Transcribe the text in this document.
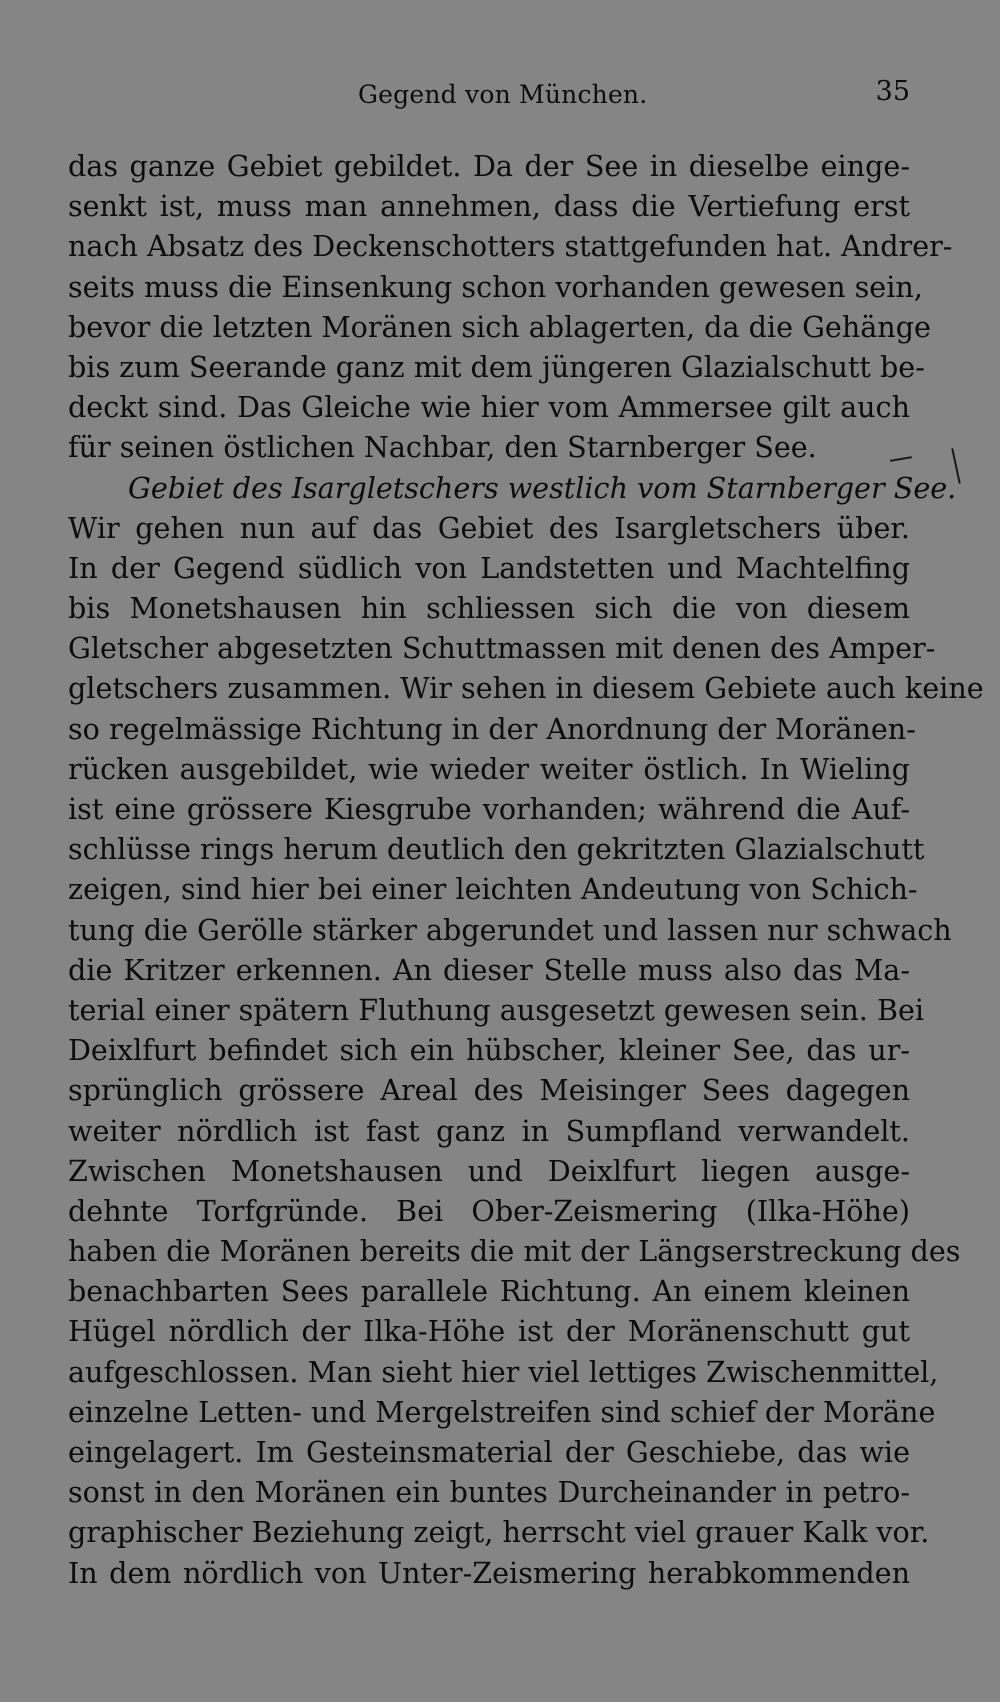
Gegend von München.	35
das ganze Gebiet gebildet. Da der See in dieselbe einge-
senkt ist, muss man annehmen, dass die Vertiefung erst
nach Absatz des Deckenschotters stattgefunden hat. Andrer-
seits muss die Einsenkung schon vorhanden gewesen sein,
bevor die letzten Moränen sich ablagerten, da die Gehänge
bis zum Seerande ganz mit dem jüngeren Glazialschutt be-
deckt sind. Das Gleiche wie hier vom Ammersee gilt auch
für seinen östlichen Nachbar, den Starnberger See.
Gebiet des Isargletschers westlich vom Starnberger See.
Wir gehen nun auf das Gebiet des Isargletschers über.
In der Gegend südlich von Landstetten und Machtelfing
bis Monetshausen hin schliessen sich die von diesem
Gletscher abgesetzten Schuttmassen mit denen des Amper-
gletschers zusammen. Wir sehen in diesem Gebiete auch keine
so regelmässige Richtung in der Anordnung der Moränen-
rücken ausgebildet, wie wieder weiter östlich. In Wieling
ist eine grössere Kiesgrube vorhanden; während die Auf-
schlüsse rings herum deutlich den gekritzten Glazialschutt
zeigen, sind hier bei einer leichten Andeutung von Schich-
tung die Gerölle stärker abgerundet und lassen nur schwach
die Kritzer erkennen. An dieser Stelle muss also das Ma-
terial einer spätern Fluthung ausgesetzt gewesen sein. Bei
Deixlfurt befindet sich ein hübscher, kleiner See, das ur-
sprünglich grössere Areal des Meisinger Sees dagegen
weiter nördlich ist fast ganz in Sumpfland verwandelt.
Zwischen Monetshausen und Deixlfurt liegen ausge-
dehnte Torfgründe. Bei Ober-Zeismering (Ilka-Höhe)
haben die Moränen bereits die mit der Längserstreckung des
benachbarten Sees parallele Richtung. An einem kleinen
Hügel nördlich der Ilka-Höhe ist der Moränenschutt gut
aufgeschlossen. Man sieht hier viel lettiges Zwischenmittel,
einzelne Letten- und Mergelstreifen sind schief der Moräne
eingelagert. Im Gesteinsmaterial der Geschiebe, das wie
sonst in den Moränen ein buntes Durcheinander in petro-
graphischer Beziehung zeigt, herrscht viel grauer Kalk vor.
In dem nördlich von Unter-Zeismering herabkommenden
